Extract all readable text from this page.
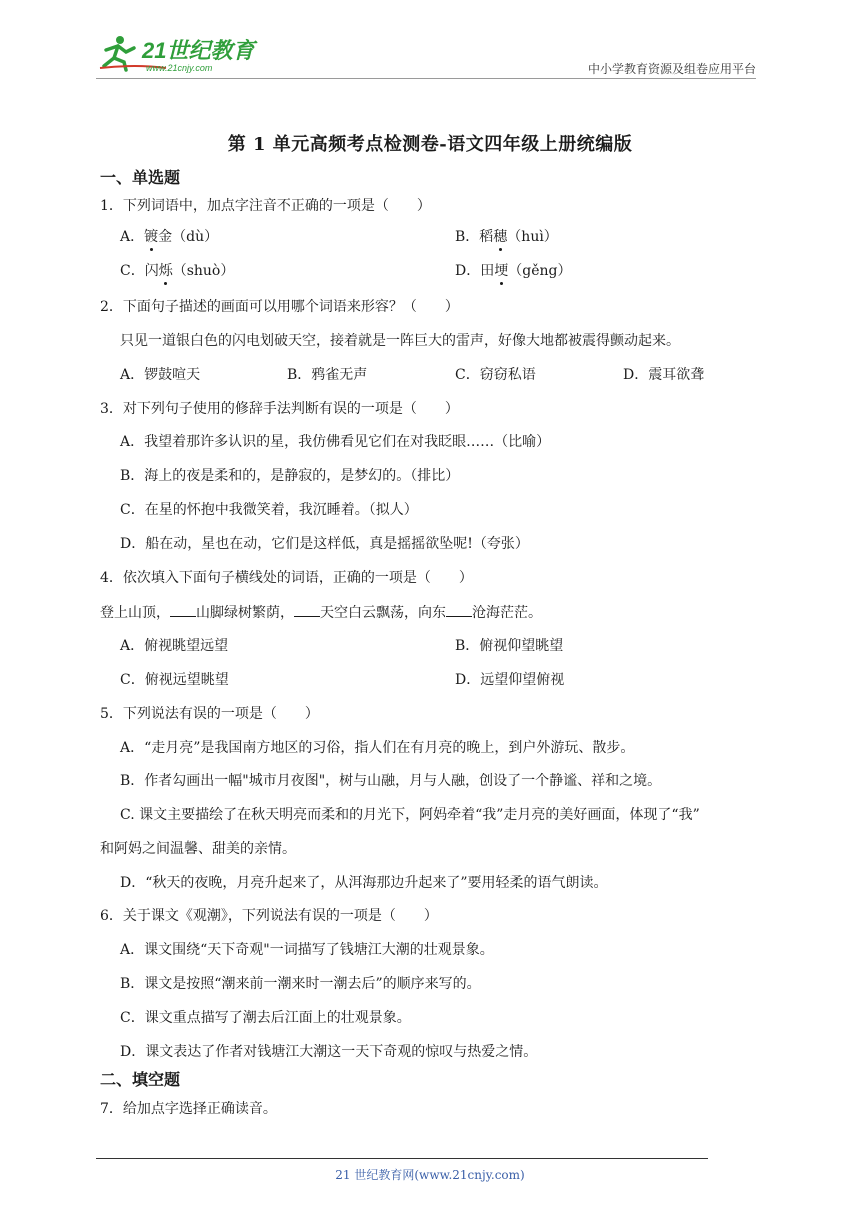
21世纪教育
www.21cnjy.com	中小学教育资源及组卷应用平台
第 1 单元高频考点检测卷-语文四年级上册统编版
一、单选题
1．下列词语中，加点字注音不正确的一项是（　　）
A．镀金（dù）	B．稻穗（huì）
C．闪烁（shuò）	D．田埂（gěng）
2．下面句子描述的画面可以用哪个词语来形容？（　　）
只见一道银白色的闪电划破天空，接着就是一阵巨大的雷声，好像大地都被震得颤动起来。
A．锣鼓喧天	B．鸦雀无声	C．窃窃私语	D．震耳欲聋
3．对下列句子使用的修辞手法判断有误的一项是（　　）
A．我望着那许多认识的星，我仿佛看见它们在对我眨眼……（比喻）
B．海上的夜是柔和的，是静寂的，是梦幻的。（排比）
C．在星的怀抱中我微笑着，我沉睡着。（拟人）
D．船在动，星也在动，它们是这样低，真是摇摇欲坠呢!（夸张）
4．依次填入下面句子横线处的词语，正确的一项是（　　）
登上山顶， 山脚绿树繁荫， 天空白云飘荡，向东 沧海茫茫。
A．俯视眺望远望	B．俯视仰望眺望
C．俯视远望眺望	D．远望仰望俯视
5．下列说法有误的一项是（　　）
A．“走月亮”是我国南方地区的习俗，指人们在有月亮的晚上，到户外游玩、散步。
B．作者勾画出一幅"城市月夜图"，树与山融，月与人融，创设了一个静谧、祥和之境。
C. 课文主要描绘了在秋天明亮而柔和的月光下，阿妈牵着“我”走月亮的美好画面，体现了“我”
和阿妈之间温馨、甜美的亲情。
D．“秋天的夜晚，月亮升起来了，从洱海那边升起来了”要用轻柔的语气朗读。
6．关于课文《观潮》，下列说法有误的一项是（　　）
A．课文围绕“天下奇观"一词描写了钱塘江大潮的壮观景象。
B．课文是按照“潮来前一潮来时一潮去后”的顺序来写的。
C．课文重点描写了潮去后江面上的壮观景象。
D．课文表达了作者对钱塘江大潮这一天下奇观的惊叹与热爱之情。
二、填空题
7．给加点字选择正确读音。
21 世纪教育网(www.21cnjy.com)
